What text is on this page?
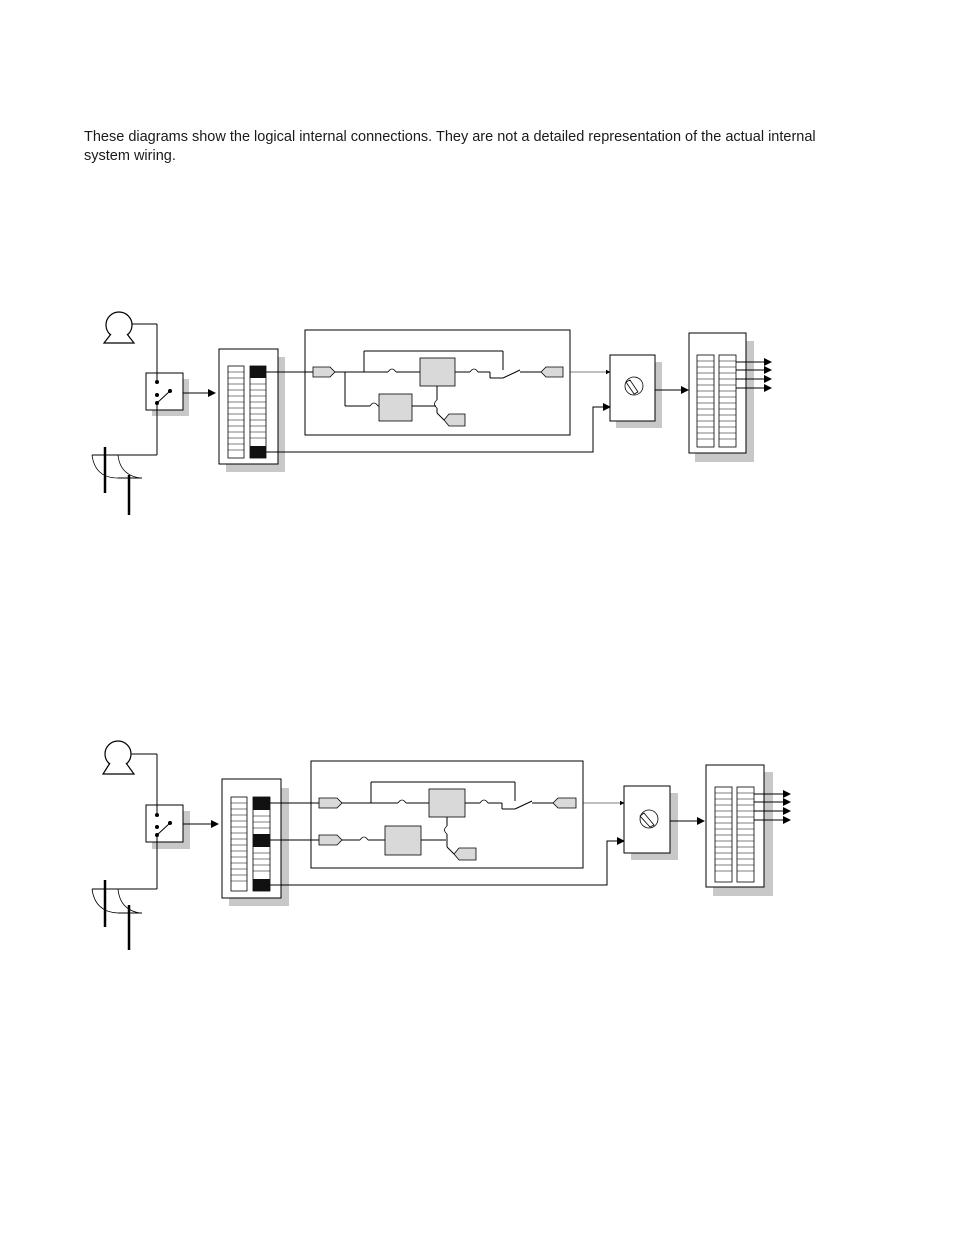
These diagrams show the logical internal connections. They are not a detailed representation of the actual internal system wiring.
